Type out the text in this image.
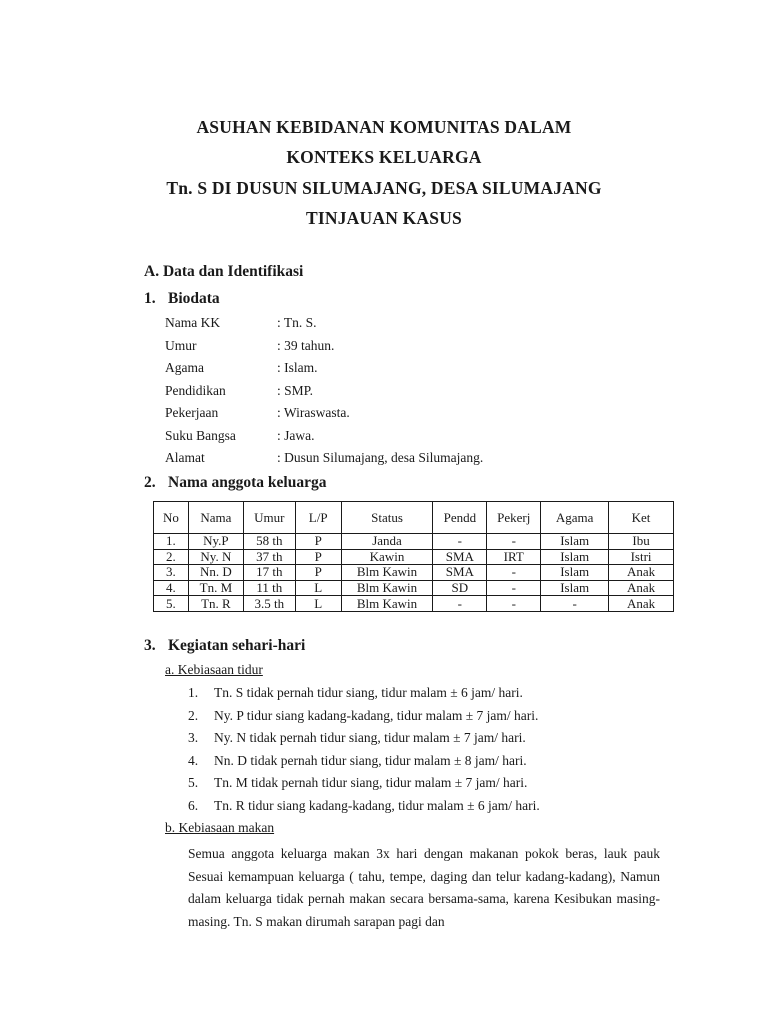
ASUHAN KEBIDANAN KOMUNITAS DALAM
KONTEKS KELUARGA
Tn. S DI DUSUN SILUMAJANG, DESA SILUMAJANG
TINJAUAN KASUS
A. Data dan Identifikasi
1. Biodata
Nama KK	: Tn. S.
Umur	: 39 tahun.
Agama	: Islam.
Pendidikan	: SMP.
Pekerjaan	: Wiraswasta.
Suku Bangsa	: Jawa.
Alamat	: Dusun Silumajang, desa Silumajang.
2. Nama anggota keluarga
No	Nama	Umur	L/P	Status	Pendd	Pekerj	Agama	Ket
1.	Ny.P	58 th	P	Janda	-	-	Islam	Ibu
2.	Ny. N	37 th	P	Kawin	SMA	IRT	Islam	Istri
3.	Nn. D	17 th	P	Blm Kawin	SMA	-	Islam	Anak
4.	Tn. M	11 th	L	Blm Kawin	SD	-	Islam	Anak
5.	Tn. R	3.5 th	L	Blm Kawin	-	-	-	Anak
3. Kegiatan sehari-hari
a. Kebiasaan tidur
1.	Tn. S tidak pernah tidur siang, tidur malam ± 6 jam/ hari.
2.	Ny. P tidur siang kadang-kadang, tidur malam ± 7 jam/ hari.
3.	Ny. N tidak pernah tidur siang, tidur malam ± 7 jam/ hari.
4.	Nn. D tidak pernah tidur siang, tidur malam ± 8 jam/ hari.
5.	Tn. M tidak pernah tidur siang, tidur malam ± 7 jam/ hari.
6.	Tn. R tidur siang kadang-kadang, tidur malam ± 6 jam/ hari.
b. Kebiasaan makan
Semua anggota keluarga makan 3x hari dengan makanan pokok beras, lauk pauk Sesuai kemampuan keluarga ( tahu, tempe, daging dan telur kadang-kadang), Namun dalam keluarga tidak pernah makan secara bersama-sama, karena Kesibukan masing-masing. Tn. S makan dirumah sarapan pagi dan
